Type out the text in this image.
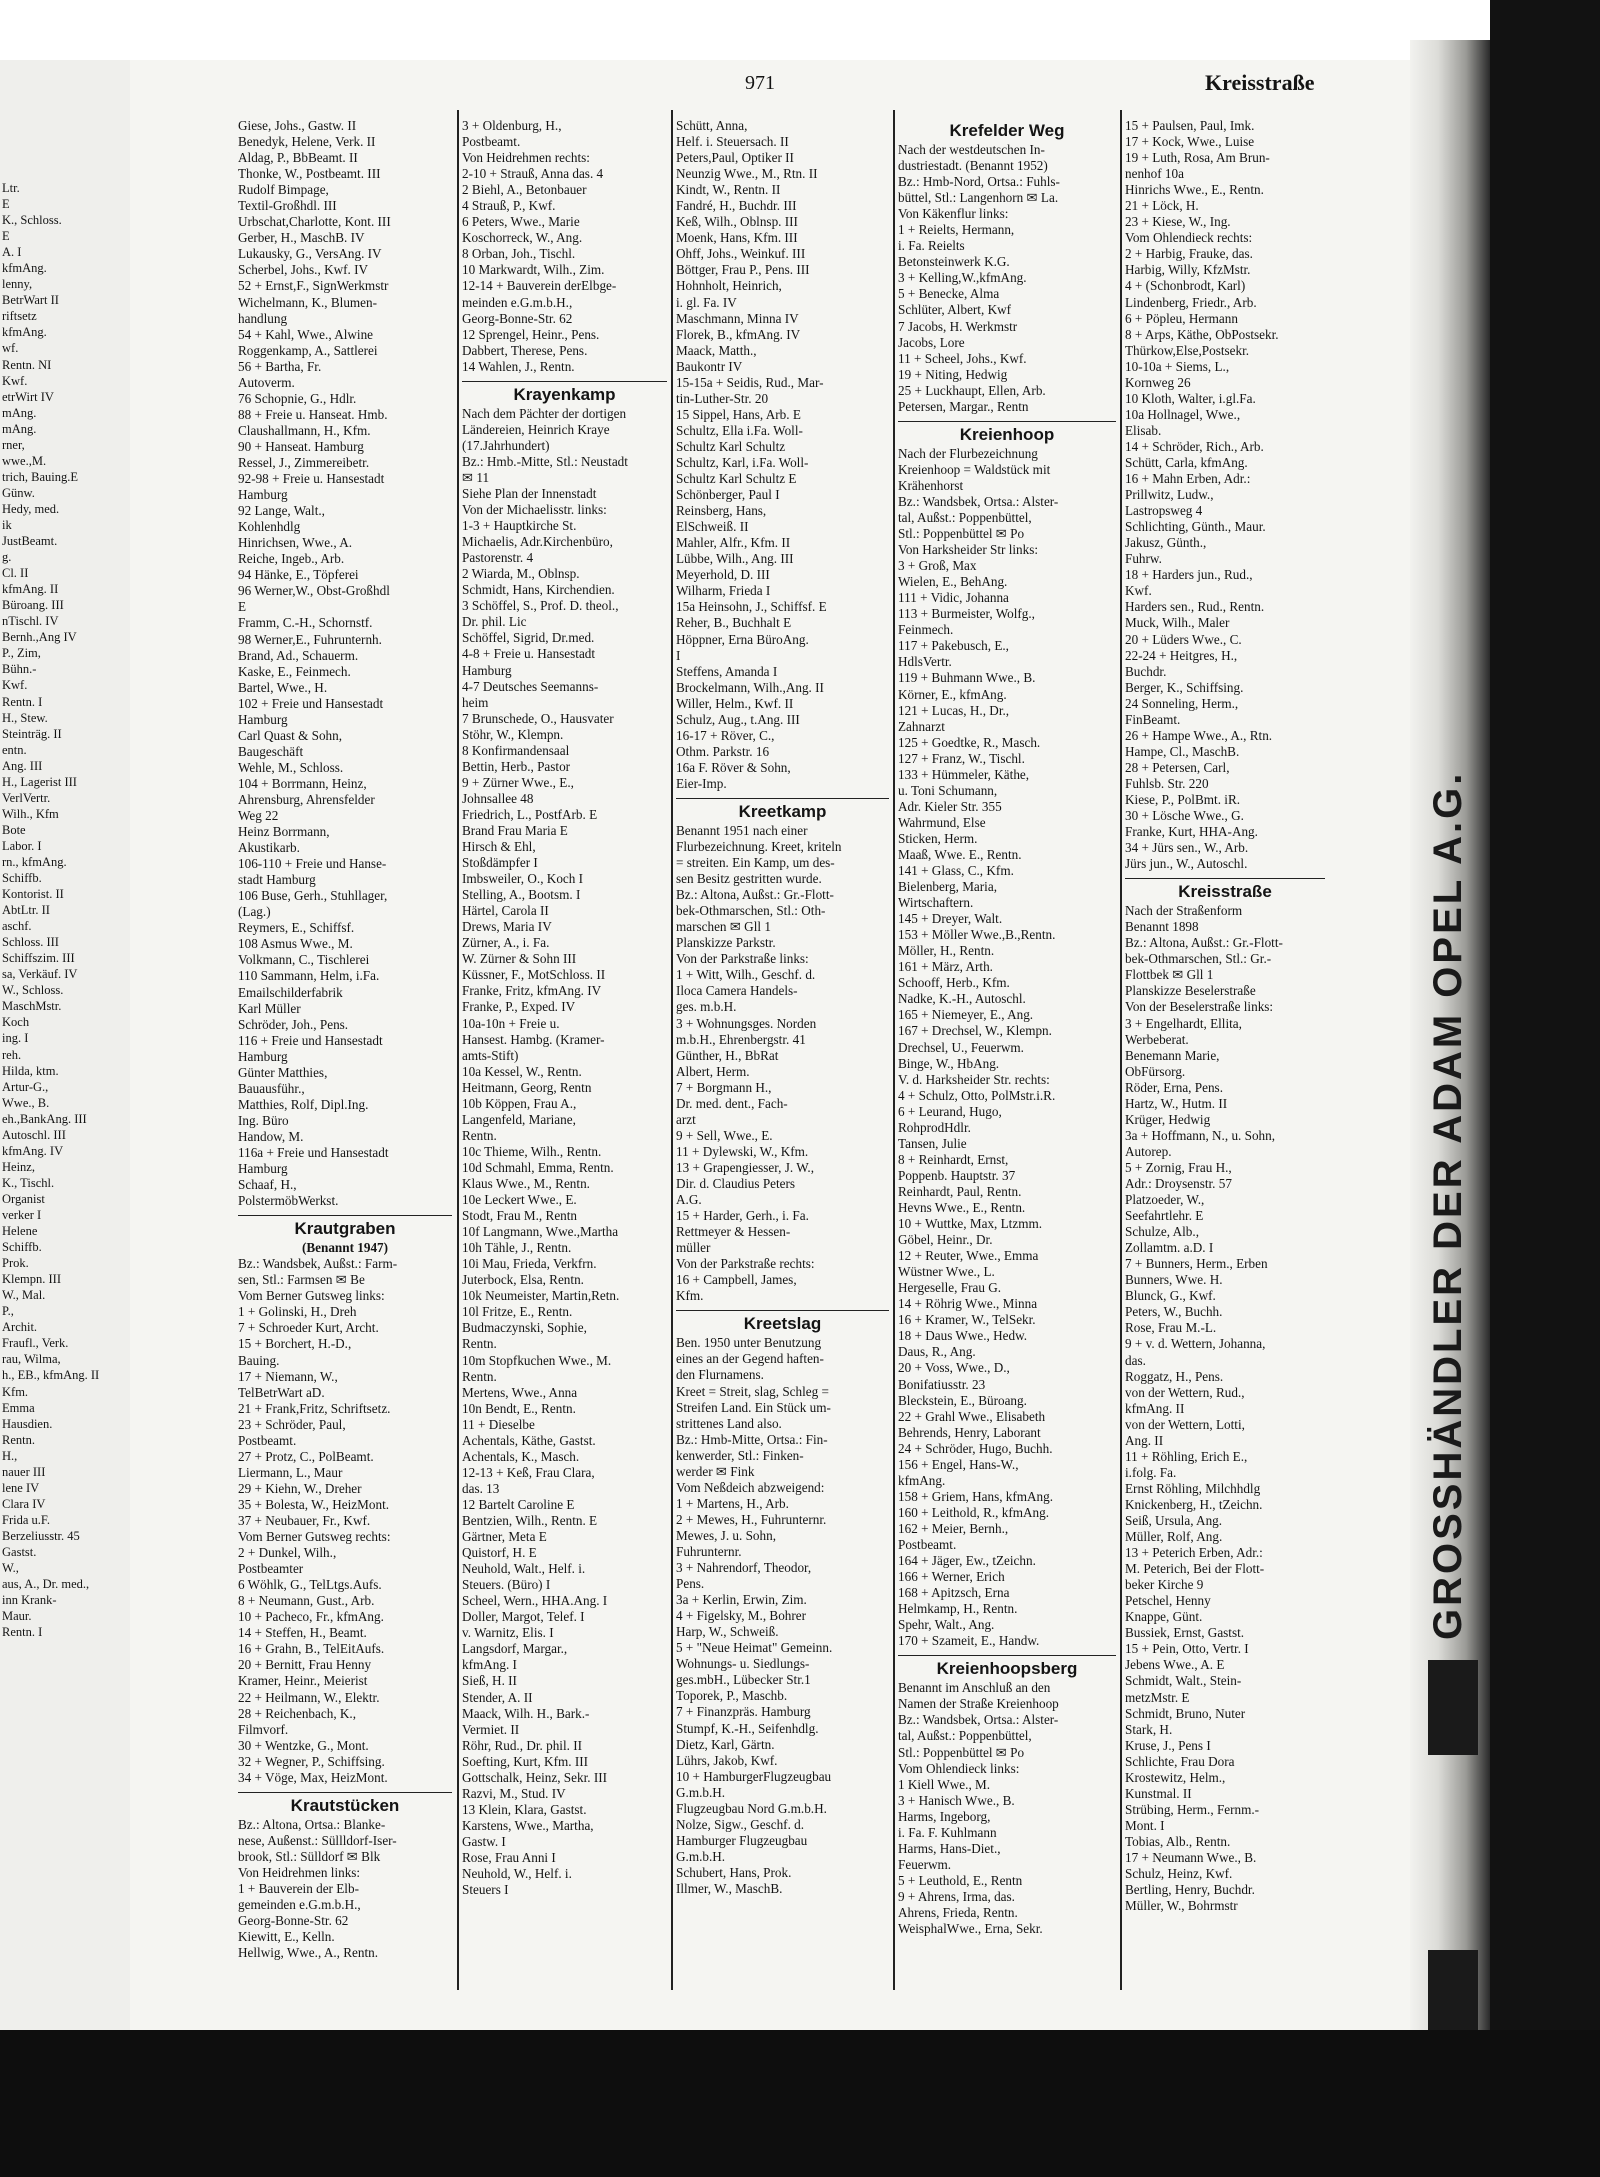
Ltr.
E
K., Schloss.
E
A. I
kfmAng.
lenny,
BetrWart II
riftsetz
kfmAng.
wf.
Rentn. NI
Kwf.
etrWirt IV
mAng.
mAng.
rner,
wwe.,M.
trich, Bauing.E
Günw.
Hedy, med.
ik
JustBeamt.
g.
Cl. II
kfmAng. II
Büroang. III
nTischl. IV
Bernh.,Ang IV
P., Zim,
Bühn.-
Kwf.
Rentn. I
H., Stew.
Steinträg. II
entn.
Ang. III
H., Lagerist III
VerlVertr.
Wilh., Kfm
Bote
Labor. I
rn., kfmAng.
Schiffb.
Kontorist. II
AbtLtr. II
aschf.
Schloss. III
Schiffszim. III
sa, Verkäuf. IV
W., Schloss.
MaschMstr.
Koch
ing. I
reh.
Hilda, ktm.
Artur-G.,
Wwe., B.
eh.,BankAng. III
Autoschl. III
kfmAng. IV
Heinz,
K., Tischl.
Organist
verker I
Helene
Schiffb.
Prok.
Klempn. III
W., Mal.
P.,
Archit.
Fraufl., Verk.
rau, Wilma,
h., EB., kfmAng. II
Kfm.
Emma
Hausdien.
Rentn.
H.,
nauer III
lene IV
Clara IV
Frida u.F.
Berzeliusstr. 45
Gastst.
W.,
aus, A., Dr. med.,
inn Krank-
Maur.
Rentn. I	GROSSHÄNDLER DER ADAM OPEL A.G.
971	Kreisstraße
Giese, Johs., Gastw. II
Benedyk, Helene, Verk. II
Aldag, P., BbBeamt. II
Thonke, W., Postbeamt. III
Rudolf Bimpage,
Textil-Großhdl. III
Urbschat,Charlotte, Kont. III
Gerber, H., MaschB. IV
Lukausky, G., VersAng. IV
Scherbel, Johs., Kwf. IV
52 + Ernst,F., SignWerkmstr
Wichelmann, K., Blumen-
handlung
54 + Kahl, Wwe., Alwine
Roggenkamp, A., Sattlerei
56 + Bartha, Fr.
Autoverm.
76 Schopnie, G., Hdlr.
88 + Freie u. Hanseat. Hmb.
Claushallmann, H., Kfm.
90 + Hanseat. Hamburg
Ressel, J., Zimmereibetr.
92-98 + Freie u. Hansestadt
Hamburg
92 Lange, Walt.,
Kohlenhdlg
Hinrichsen, Wwe., A.
Reiche, Ingeb., Arb.
94 Hänke, E., Töpferei
96 Werner,W., Obst-Großhdl
E
Framm, C.-H., Schornstf.
98 Werner,E., Fuhrunternh.
Brand, Ad., Schauerm.
Kaske, E., Feinmech.
Bartel, Wwe., H.
102 + Freie und Hansestadt
Hamburg
Carl Quast & Sohn,
Baugeschäft
Wehle, M., Schloss.
104 + Borrmann, Heinz,
Ahrensburg, Ahrensfelder
Weg 22
Heinz Borrmann,
Akustikarb.
106-110 + Freie und Hanse-
stadt Hamburg
106 Buse, Gerh., Stuhllager,
(Lag.)
Reymers, E., Schiffsf.
108 Asmus Wwe., M.
Volkmann, C., Tischlerei
110 Sammann, Helm, i.Fa.
Emailschilderfabrik
Karl Müller
Schröder, Joh., Pens.
116 + Freie und Hansestadt
Hamburg
Günter Matthies,
Bauausführ.,
Matthies, Rolf, Dipl.Ing.
Ing. Büro
Handow, M.
116a + Freie und Hansestadt
Hamburg
Schaaf, H.,
PolstermöbWerkst.
Krautgraben
(Benannt 1947)
Bz.: Wandsbek, Außst.: Farm-
sen, Stl.: Farmsen ✉ Be
Vom Berner Gutsweg links:
1 + Golinski, H., Dreh
7 + Schroeder Kurt, Archt.
15 + Borchert, H.-D.,
Bauing.
17 + Niemann, W.,
TelBetrWart aD.
21 + Frank,Fritz, Schriftsetz.
23 + Schröder, Paul,
Postbeamt.
27 + Protz, C., PolBeamt.
Liermann, L., Maur
29 + Kiehn, W., Dreher
35 + Bolesta, W., HeizMont.
37 + Neubauer, Fr., Kwf.
Vom Berner Gutsweg rechts:
2 + Dunkel, Wilh.,
Postbeamter
6 Wöhlk, G., TelLtgs.Aufs.
8 + Neumann, Gust., Arb.
10 + Pacheco, Fr., kfmAng.
14 + Steffen, H., Beamt.
16 + Grahn, B., TelEitAufs.
20 + Bernitt, Frau Henny
Kramer, Heinr., Meierist
22 + Heilmann, W., Elektr.
28 + Reichenbach, K.,
Filmvorf.
30 + Wentzke, G., Mont.
32 + Wegner, P., Schiffsing.
34 + Vöge, Max, HeizMont.
Krautstücken
Bz.: Altona, Ortsa.: Blanke-
nese, Außenst.: Süllldorf-Iser-
brook, Stl.: Sülldorf ✉ Blk
Von Heidrehmen links:
1 + Bauverein der Elb-
gemeinden e.G.m.b.H.,
Georg-Bonne-Str. 62
Kiewitt, E., Kelln.
Hellwig, Wwe., A., Rentn.
3 + Oldenburg, H.,
Postbeamt.
Von Heidrehmen rechts:
2-10 + Strauß, Anna das. 4
2 Biehl, A., Betonbauer
4 Strauß, P., Kwf.
6 Peters, Wwe., Marie
Koschorreck, W., Ang.
8 Orban, Joh., Tischl.
10 Markwardt, Wilh., Zim.
12-14 + Bauverein derElbge-
meinden e.G.m.b.H.,
Georg-Bonne-Str. 62
12 Sprengel, Heinr., Pens.
Dabbert, Therese, Pens.
14 Wahlen, J., Rentn.
Krayenkamp
Nach dem Pächter der dortigen
Ländereien, Heinrich Kraye
(17.Jahrhundert)
Bz.: Hmb.-Mitte, Stl.: Neustadt
✉ 11
Siehe Plan der Innenstadt
Von der Michaelisstr. links:
1-3 + Hauptkirche St.
Michaelis, Adr.Kirchenbüro,
Pastorenstr. 4
2 Wiarda, M., Oblnsp.
Schmidt, Hans, Kirchendien.
3 Schöffel, S., Prof. D. theol.,
Dr. phil. Lic
Schöffel, Sigrid, Dr.med.
4-8 + Freie u. Hansestadt
Hamburg
4-7 Deutsches Seemanns-
heim
7 Brunschede, O., Hausvater
Stöhr, W., Klempn.
8 Konfirmandensaal
Bettin, Herb., Pastor
9 + Zürner Wwe., E.,
Johnsallee 48
Friedrich, L., PostfArb. E
Brand Frau Maria E
Hirsch & Ehl,
Stoßdämpfer I
Imbsweiler, O., Koch I
Stelling, A., Bootsm. I
Härtel, Carola II
Drews, Maria IV
Zürner, A., i. Fa.
W. Zürner & Sohn III
Küssner, F., MotSchloss. II
Franke, Fritz, kfmAng. IV
Franke, P., Exped. IV
10a-10n + Freie u.
Hansest. Hambg. (Kramer-
amts-Stift)
10a Kessel, W., Rentn.
Heitmann, Georg, Rentn
10b Köppen, Frau A.,
Langenfeld, Mariane,
Rentn.
10c Thieme, Wilh., Rentn.
10d Schmahl, Emma, Rentn.
Klaus Wwe., M., Rentn.
10e Leckert Wwe., E.
Stodt, Frau M., Rentn
10f Langmann, Wwe.,Martha
10h Tähle, J., Rentn.
10i Mau, Frieda, Verkfrn.
Juterbock, Elsa, Rentn.
10k Neumeister, Martin,Retn.
10l Fritze, E., Rentn.
Budmaczynski, Sophie,
Rentn.
10m Stopfkuchen Wwe., M.
Rentn.
Mertens, Wwe., Anna
10n Bendt, E., Rentn.
11 + Dieselbe
Achentals, Käthe, Gastst.
Achentals, K., Masch.
12-13 + Keß, Frau Clara,
das. 13
12 Bartelt Caroline E
Bentzien, Wilh., Rentn. E
Gärtner, Meta E
Quistorf, H. E
Neuhold, Walt., Helf. i.
Steuers. (Büro) I
Scheel, Wern., HHA.Ang. I
Doller, Margot, Telef. I
v. Warnitz, Elis. I
Langsdorf, Margar.,
kfmAng. I
Sieß, H. II
Stender, A. II
Maack, Wilh. H., Bark.-
Vermiet. II
Röhr, Rud., Dr. phil. II
Soefting, Kurt, Kfm. III
Gottschalk, Heinz, Sekr. III
Razvi, M., Stud. IV
13 Klein, Klara, Gastst.
Karstens, Wwe., Martha,
Gastw. I
Rose, Frau Anni I
Neuhold, W., Helf. i.
Steuers I
Schütt, Anna,
Helf. i. Steuersach. II
Peters,Paul, Optiker II
Neunzig Wwe., M., Rtn. II
Kindt, W., Rentn. II
Fandré, H., Buchdr. III
Keß, Wilh., Oblnsp. III
Moenk, Hans, Kfm. III
Ohff, Johs., Weinkuf. III
Böttger, Frau P., Pens. III
Hohnholt, Heinrich,
i. gl. Fa. IV
Maschmann, Minna IV
Florek, B., kfmAng. IV
Maack, Matth.,
Baukontr IV
15-15a + Seidis, Rud., Mar-
tin-Luther-Str. 20
15 Sippel, Hans, Arb. E
Schultz, Ella i.Fa. Woll-
Schultz Karl Schultz
Schultz, Karl, i.Fa. Woll-
Schultz Karl Schultz E
Schönberger, Paul I
Reinsberg, Hans,
ElSchweiß. II
Mahler, Alfr., Kfm. II
Lübbe, Wilh., Ang. III
Meyerhold, D. III
Wilharm, Frieda I
15a Heinsohn, J., Schiffsf. E
Reher, B., Buchhalt E
Höppner, Erna BüroAng.
I
Steffens, Amanda I
Brockelmann, Wilh.,Ang. II
Willer, Helm., Kwf. II
Schulz, Aug., t.Ang. III
16-17 + Röver, C.,
Othm. Parkstr. 16
16a F. Röver & Sohn,
Eier-Imp.
Kreetkamp
Benannt 1951 nach einer
Flurbezeichnung. Kreet, kriteln
= streiten. Ein Kamp, um des-
sen Besitz gestritten wurde.
Bz.: Altona, Außst.: Gr.-Flott-
bek-Othmarschen, Stl.: Oth-
marschen ✉ Gll 1
Planskizze Parkstr.
Von der Parkstraße links:
1 + Witt, Wilh., Geschf. d.
Iloca Camera Handels-
ges. m.b.H.
3 + Wohnungsges. Norden
m.b.H., Ehrenbergstr. 41
Günther, H., BbRat
Albert, Herm.
7 + Borgmann H.,
Dr. med. dent., Fach-
arzt
9 + Sell, Wwe., E.
11 + Dylewski, W., Kfm.
13 + Grapengiesser, J. W.,
Dir. d. Claudius Peters
A.G.
15 + Harder, Gerh., i. Fa.
Rettmeyer & Hessen-
müller
Von der Parkstraße rechts:
16 + Campbell, James,
Kfm.
Kreetslag
Ben. 1950 unter Benutzung
eines an der Gegend haften-
den Flurnamens.
Kreet = Streit, slag, Schleg =
Streifen Land. Ein Stück um-
strittenes Land also.
Bz.: Hmb-Mitte, Ortsa.: Fin-
kenwerder, Stl.: Finken-
werder ✉ Fink
Vom Neßdeich abzweigend:
1 + Martens, H., Arb.
2 + Mewes, H., Fuhrunternr.
Mewes, J. u. Sohn,
Fuhrunternr.
3 + Nahrendorf, Theodor,
Pens.
3a + Kerlin, Erwin, Zim.
4 + Figelsky, M., Bohrer
Harp, W., Schweiß.
5 + "Neue Heimat" Gemeinn.
Wohnungs- u. Siedlungs-
ges.mbH., Lübecker Str.1
Toporek, P., Maschb.
7 + Finanzpräs. Hamburg
Stumpf, K.-H., Seifenhdlg.
Dietz, Karl, Gärtn.
Lührs, Jakob, Kwf.
10 + HamburgerFlugzeugbau
G.m.b.H.
Flugzeugbau Nord G.m.b.H.
Nolze, Sigw., Geschf. d.
Hamburger Flugzeugbau
G.m.b.H.
Schubert, Hans, Prok.
Illmer, W., MaschB.
Krefelder Weg
Nach der westdeutschen In-
dustriestadt. (Benannt 1952)
Bz.: Hmb-Nord, Ortsa.: Fuhls-
büttel, Stl.: Langenhorn ✉ La.
Von Käkenflur links:
1 + Reielts, Hermann,
i. Fa. Reielts
Betonsteinwerk K.G.
3 + Kelling,W.,kfmAng.
5 + Benecke, Alma
Schlüter, Albert, Kwf
7 Jacobs, H. Werkmstr
Jacobs, Lore
11 + Scheel, Johs., Kwf.
19 + Niting, Hedwig
25 + Luckhaupt, Ellen, Arb.
Petersen, Margar., Rentn
Kreienhoop
Nach der Flurbezeichnung
Kreienhoop = Waldstück mit
Krähenhorst
Bz.: Wandsbek, Ortsa.: Alster-
tal, Außst.: Poppenbüttel,
Stl.: Poppenbüttel ✉ Po
Von Harksheider Str links:
3 + Groß, Max
Wielen, E., BehAng.
111 + Vidic, Johanna
113 + Burmeister, Wolfg.,
Feinmech.
117 + Pakebusch, E.,
HdlsVertr.
119 + Buhmann Wwe., B.
Körner, E., kfmAng.
121 + Lucas, H., Dr.,
Zahnarzt
125 + Goedtke, R., Masch.
127 + Franz, W., Tischl.
133 + Hümmeler, Käthe,
u. Toni Schumann,
Adr. Kieler Str. 355
Wahrmund, Else
Sticken, Herm.
Maaß, Wwe. E., Rentn.
141 + Glass, C., Kfm.
Bielenberg, Maria,
Wirtschaftern.
145 + Dreyer, Walt.
153 + Möller Wwe.,B.,Rentn.
Möller, H., Rentn.
161 + März, Arth.
Schooff, Herb., Kfm.
Nadke, K.-H., Autoschl.
165 + Niemeyer, E., Ang.
167 + Drechsel, W., Klempn.
Drechsel, U., Feuerwm.
Binge, W., HbAng.
V. d. Harksheider Str. rechts:
4 + Schulz, Otto, PolMstr.i.R.
6 + Leurand, Hugo,
RohprodHdlr.
Tansen, Julie
8 + Reinhardt, Ernst,
Poppenb. Hauptstr. 37
Reinhardt, Paul, Rentn.
Hevns Wwe., E., Rentn.
10 + Wuttke, Max, Ltzmm.
Göbel, Heinr., Dr.
12 + Reuter, Wwe., Emma
Wüstner Wwe., L.
Hergeselle, Frau G.
14 + Röhrig Wwe., Minna
16 + Kramer, W., TelSekr.
18 + Daus Wwe., Hedw.
Daus, R., Ang.
20 + Voss, Wwe., D.,
Bonifatiusstr. 23
Bleckstein, E., Büroang.
22 + Grahl Wwe., Elisabeth
Behrends, Henry, Laborant
24 + Schröder, Hugo, Buchh.
156 + Engel, Hans-W.,
kfmAng.
158 + Griem, Hans, kfmAng.
160 + Leithold, R., kfmAng.
162 + Meier, Bernh.,
Postbeamt.
164 + Jäger, Ew., tZeichn.
166 + Werner, Erich
168 + Apitzsch, Erna
Helmkamp, H., Rentn.
Spehr, Walt., Ang.
170 + Szameit, E., Handw.
Kreienhoopsberg
Benannt im Anschluß an den
Namen der Straße Kreienhoop
Bz.: Wandsbek, Ortsa.: Alster-
tal, Außst.: Poppenbüttel,
Stl.: Poppenbüttel ✉ Po
Vom Ohlendieck links:
1 Kiell Wwe., M.
3 + Hanisch Wwe., B.
Harms, Ingeborg,
i. Fa. F. Kuhlmann
Harms, Hans-Diet.,
Feuerwm.
5 + Leuthold, E., Rentn
9 + Ahrens, Irma, das.
Ahrens, Frieda, Rentn.
WeisphalWwe., Erna, Sekr.
15 + Paulsen, Paul, Imk.
17 + Kock, Wwe., Luise
19 + Luth, Rosa, Am Brun-
nenhof 10a
Hinrichs Wwe., E., Rentn.
21 + Löck, H.
23 + Kiese, W., Ing.
Vom Ohlendieck rechts:
2 + Harbig, Frauke, das.
Harbig, Willy, KfzMstr.
4 + (Schonbrodt, Karl)
Lindenberg, Friedr., Arb.
6 + Pöpleu, Hermann
8 + Arps, Käthe, ObPostsekr.
Thürkow,Else,Postsekr.
10-10a + Siems, L.,
Kornweg 26
10 Kloth, Walter, i.gl.Fa.
10a Hollnagel, Wwe.,
Elisab.
14 + Schröder, Rich., Arb.
Schütt, Carla, kfmAng.
16 + Mahn Erben, Adr.:
Prillwitz, Ludw.,
Lastropsweg 4
Schlichting, Günth., Maur.
Jakusz, Günth.,
Fuhrw.
18 + Harders jun., Rud.,
Kwf.
Harders sen., Rud., Rentn.
Muck, Wilh., Maler
20 + Lüders Wwe., C.
22-24 + Heitgres, H.,
Buchdr.
Berger, K., Schiffsing.
24 Sonneling, Herm.,
FinBeamt.
26 + Hampe Wwe., A., Rtn.
Hampe, Cl., MaschB.
28 + Petersen, Carl,
Fuhlsb. Str. 220
Kiese, P., PolBmt. iR.
30 + Lösche Wwe., G.
Franke, Kurt, HHA-Ang.
34 + Jürs sen., W., Arb.
Jürs jun., W., Autoschl.
Kreisstraße
Nach der Straßenform
Benannt 1898
Bz.: Altona, Außst.: Gr.-Flott-
bek-Othmarschen, Stl.: Gr.-
Flottbek ✉ Gll 1
Planskizze Beselerstraße
Von der Beselerstraße links:
3 + Engelhardt, Ellita,
Werbeberat.
Benemann Marie,
ObFürsorg.
Röder, Erna, Pens.
Hartz, W., Hutm. II
Krüger, Hedwig
3a + Hoffmann, N., u. Sohn,
Autorep.
5 + Zornig, Frau H.,
Adr.: Droysenstr. 57
Platzoeder, W.,
Seefahrtlehr. E
Schulze, Alb.,
Zollamtm. a.D. I
7 + Bunners, Herm., Erben
Bunners, Wwe. H.
Blunck, G., Kwf.
Peters, W., Buchh.
Rose, Frau M.-L.
9 + v. d. Wettern, Johanna,
das.
Roggatz, H., Pens.
von der Wettern, Rud.,
kfmAng. II
von der Wettern, Lotti,
Ang. II
11 + Röhling, Erich E.,
i.folg. Fa.
Ernst Röhling, Milchhdlg
Knickenberg, H., tZeichn.
Seiß, Ursula, Ang.
Müller, Rolf, Ang.
13 + Peterich Erben, Adr.:
M. Peterich, Bei der Flott-
beker Kirche 9
Petschel, Henny
Knappe, Günt.
Bussiek, Ernst, Gastst.
15 + Pein, Otto, Vertr. I
Jebens Wwe., A. E
Schmidt, Walt., Stein-
metzMstr. E
Schmidt, Bruno, Nuter
Stark, H.
Kruse, J., Pens I
Schlichte, Frau Dora
Krostewitz, Helm.,
Kunstmal. II
Strübing, Herm., Fernm.-
Mont. I
Tobias, Alb., Rentn.
17 + Neumann Wwe., B.
Schulz, Heinz, Kwf.
Bertling, Henry, Buchdr.
Müller, W., Bohrmstr
